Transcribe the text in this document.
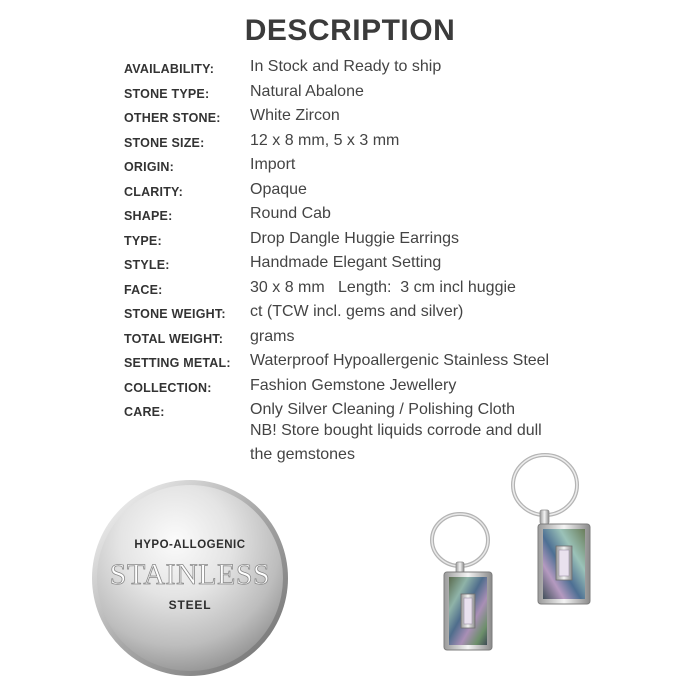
DESCRIPTION
AVAILABILITY: In Stock and Ready to ship
STONE TYPE:	Natural Abalone
OTHER STONE: White Zircon
STONE SIZE:	12 x 8 mm, 5 x 3 mm
ORIGIN:	Import
CLARITY:	Opaque
SHAPE:	Round Cab
TYPE:	Drop Dangle Huggie Earrings
STYLE:	Handmade Elegant Setting
FACE:	30 x 8 mm   Length:  3 cm incl huggie
STONE WEIGHT: ct (TCW incl. gems and silver)
TOTAL WEIGHT: grams
SETTING METAL: Waterproof Hypoallergenic Stainless Steel
COLLECTION: Fashion Gemstone Jewellery
CARE:	Only Silver Cleaning / Polishing Cloth
NB! Store bought liquids corrode and dull
the gemstones
HYPO-ALLOGENIC
STAINLESS
STEEL
